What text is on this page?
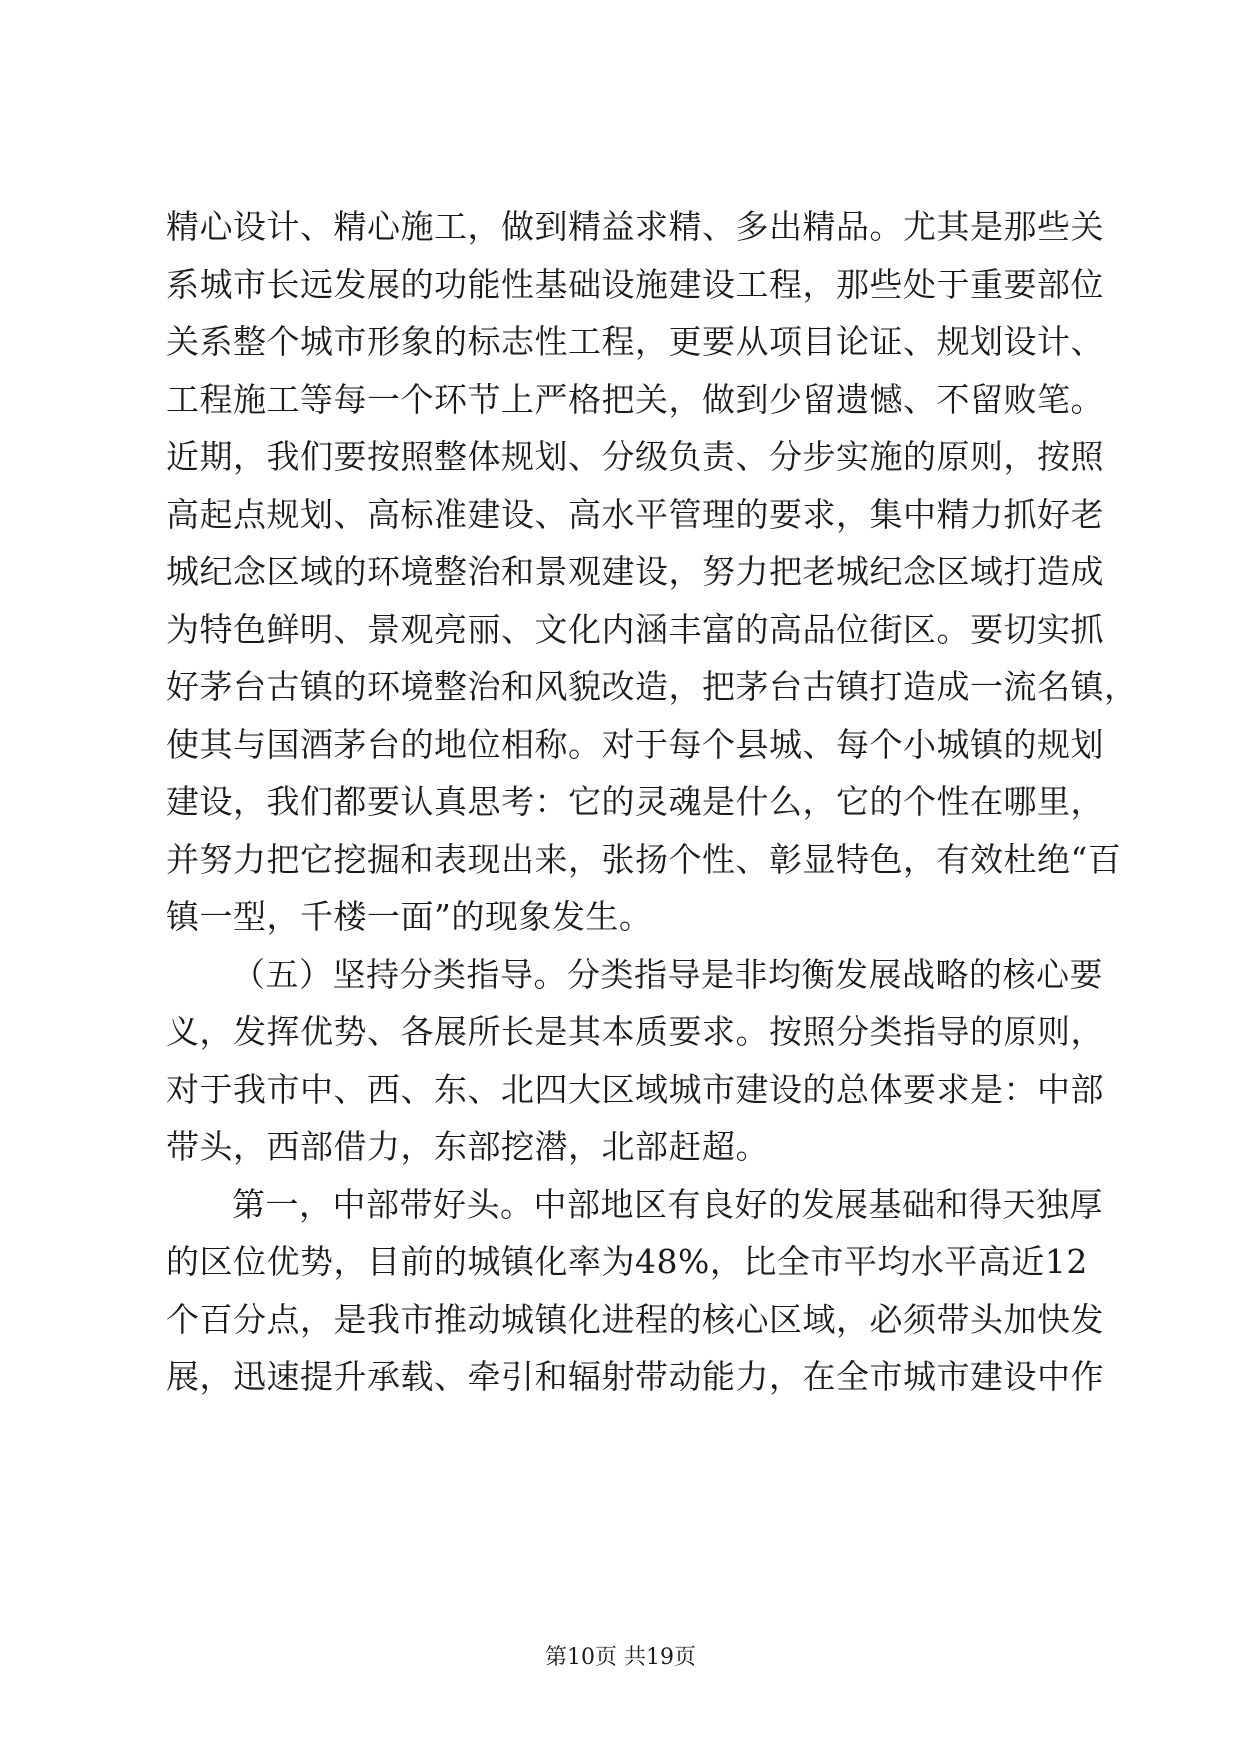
精心设计、精心施工，做到精益求精、多出精品。尤其是那些关
系城市长远发展的功能性基础设施建设工程，那些处于重要部位
关系整个城市形象的标志性工程，更要从项目论证、规划设计、
工程施工等每一个环节上严格把关，做到少留遗憾、不留败笔。
近期，我们要按照整体规划、分级负责、分步实施的原则，按照
高起点规划、高标准建设、高水平管理的要求，集中精力抓好老
城纪念区域的环境整治和景观建设，努力把老城纪念区域打造成
为特色鲜明、景观亮丽、文化内涵丰富的高品位街区。要切实抓
好茅台古镇的环境整治和风貌改造，把茅台古镇打造成一流名镇，
使其与国酒茅台的地位相称。对于每个县城、每个小城镇的规划
建设，我们都要认真思考：它的灵魂是什么，它的个性在哪里，
并努力把它挖掘和表现出来，张扬个性、彰显特色，有效杜绝“百
镇一型，千楼一面”的现象发生。
（五）坚持分类指导。分类指导是非均衡发展战略的核心要
义，发挥优势、各展所长是其本质要求。按照分类指导的原则，
对于我市中、西、东、北四大区域城市建设的总体要求是：中部
带头，西部借力，东部挖潜，北部赶超。
第一，中部带好头。中部地区有良好的发展基础和得天独厚
的区位优势，目前的城镇化率为48%，比全市平均水平高近12
个百分点，是我市推动城镇化进程的核心区域，必须带头加快发
展，迅速提升承载、牵引和辐射带动能力，在全市城市建设中作
第10页 共19页
